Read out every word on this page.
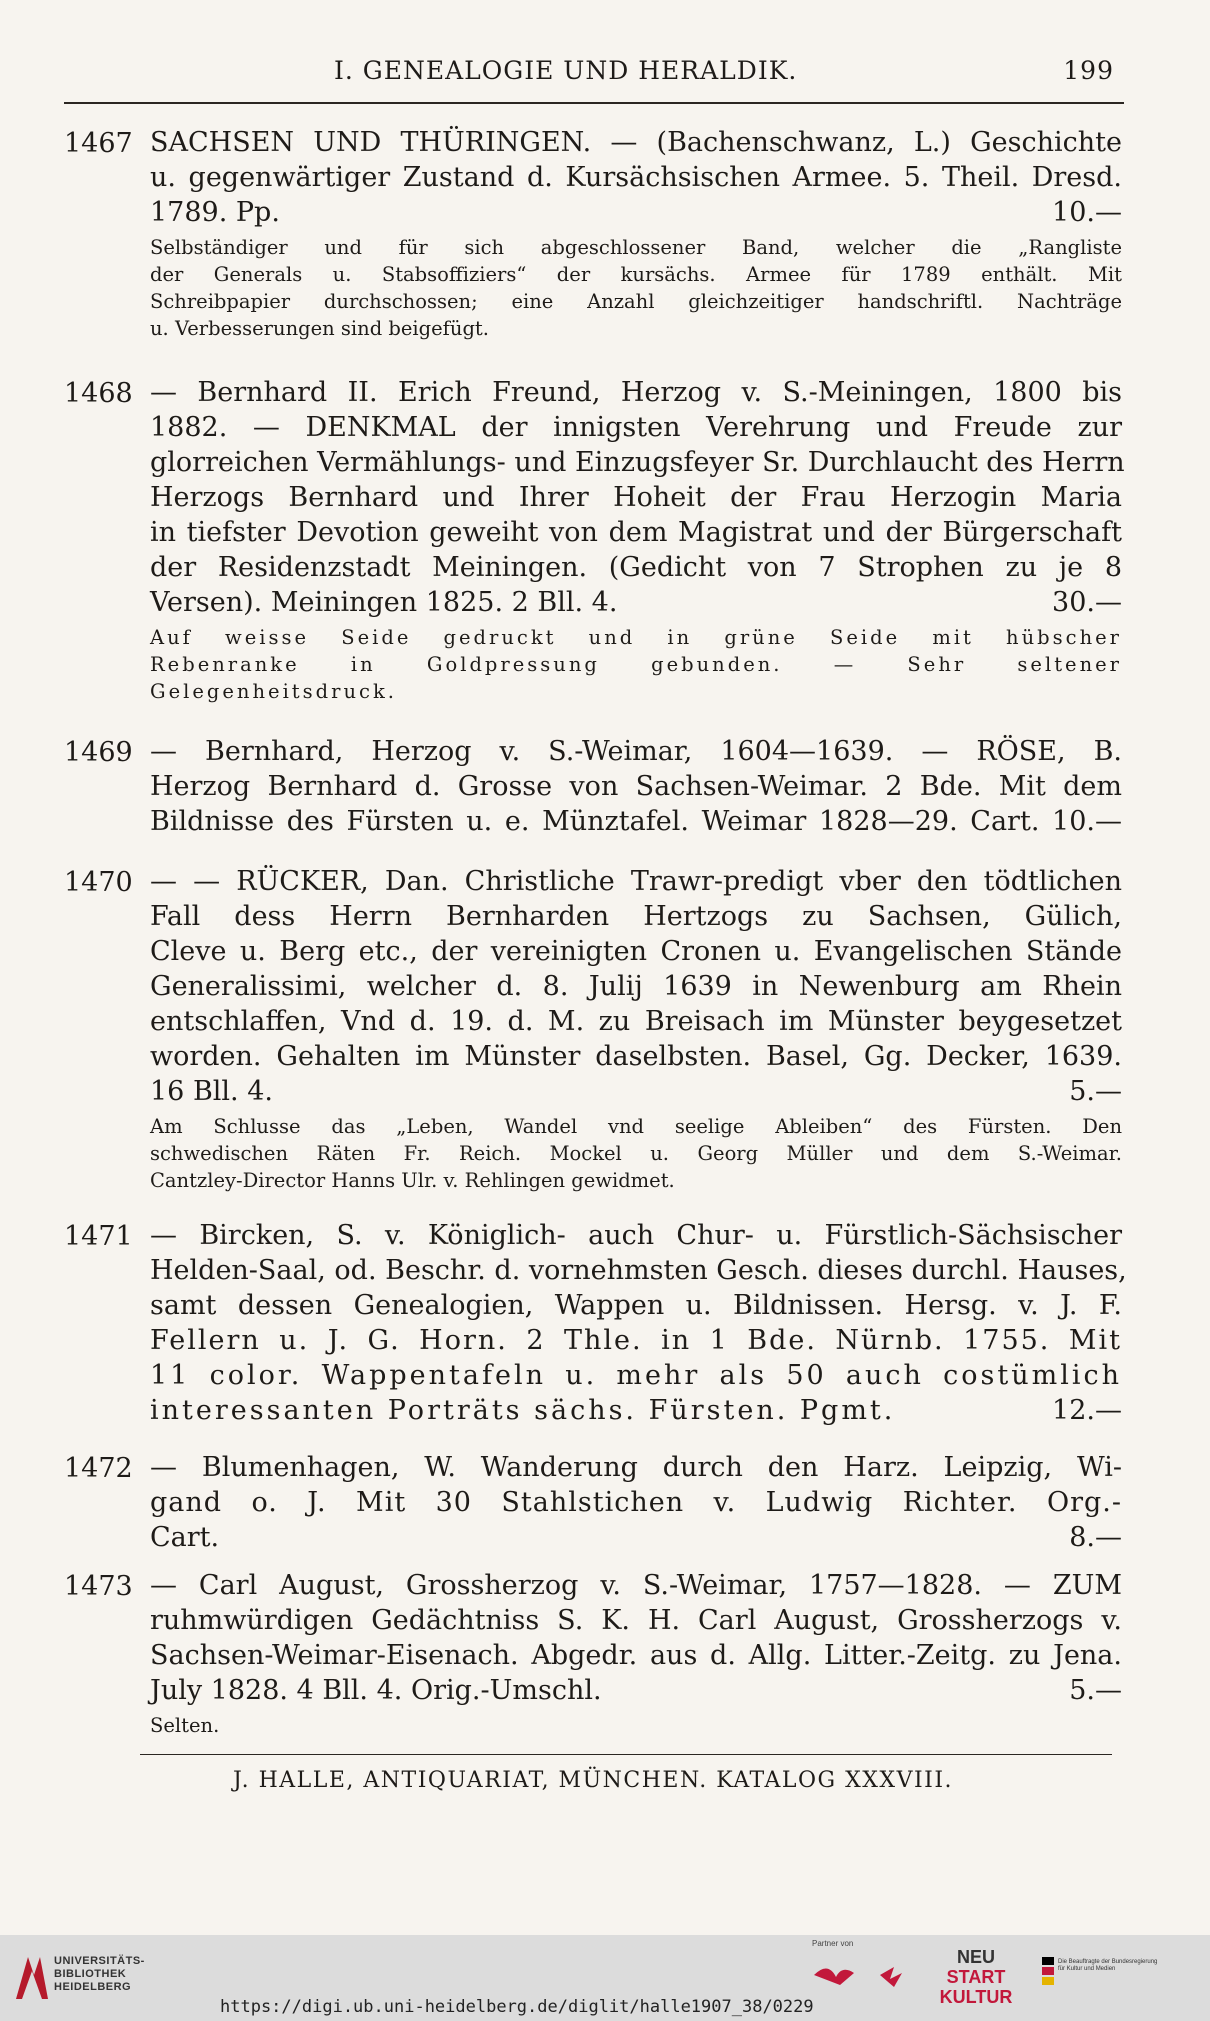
I. GENEALOGIE UND HERALDIK.	199
1467 SACHSEN UND THÜRINGEN. — (Bachenschwanz, L.) Geschichte
u. gegenwärtiger Zustand d. Kursächsischen Armee. 5. Theil. Dresd.
1789. Pp.	10.—
Selbständiger und für sich abgeschlossener Band, welcher die „Rangliste
der Generals u. Stabsoffiziers“ der kursächs. Armee für 1789 enthält. Mit
Schreibpapier durchschossen; eine Anzahl gleichzeitiger handschriftl. Nachträge
u. Verbesserungen sind beigefügt.
1468 — Bernhard II. Erich Freund, Herzog v. S.-Meiningen, 1800 bis
1882. — DENKMAL der innigsten Verehrung und Freude zur
glorreichen Vermählungs- und Einzugsfeyer Sr. Durchlaucht des Herrn
Herzogs Bernhard und Ihrer Hoheit der Frau Herzogin Maria
in tiefster Devotion geweiht von dem Magistrat und der Bürgerschaft
der Residenzstadt Meiningen. (Gedicht von 7 Strophen zu je 8
Versen). Meiningen 1825. 2 Bll. 4.	30.—
Auf weisse Seide gedruckt und in grüne Seide mit hübscher
Rebenranke in Goldpressung gebunden. — Sehr seltener
Gelegenheitsdruck.
1469 — Bernhard, Herzog v. S.-Weimar, 1604—1639. — RÖSE, B.
Herzog Bernhard d. Grosse von Sachsen-Weimar. 2 Bde. Mit dem
Bildnisse des Fürsten u. e. Münztafel. Weimar 1828—29. Cart. 10.—
1470 — — RÜCKER, Dan. Christliche Trawr-predigt vber den tödtlichen
Fall dess Herrn Bernharden Hertzogs zu Sachsen, Gülich,
Cleve u. Berg etc., der vereinigten Cronen u. Evangelischen Stände
Generalissimi, welcher d. 8. Julij 1639 in Newenburg am Rhein
entschlaffen, Vnd d. 19. d. M. zu Breisach im Münster beygesetzet
worden. Gehalten im Münster daselbsten. Basel, Gg. Decker, 1639.
16 Bll. 4.	5.—
Am Schlusse das „Leben, Wandel vnd seelige Ableiben“ des Fürsten. Den
schwedischen Räten Fr. Reich. Mockel u. Georg Müller und dem S.-Weimar.
Cantzley-Director Hanns Ulr. v. Rehlingen gewidmet.
1471 — Bircken, S. v. Königlich- auch Chur- u. Fürstlich-Sächsischer
Helden-Saal, od. Beschr. d. vornehmsten Gesch. dieses durchl. Hauses,
samt dessen Genealogien, Wappen u. Bildnissen. Hersg. v. J. F.
Fellern u. J. G. Horn. 2 Thle. in 1 Bde. Nürnb. 1755. Mit
11 color. Wappentafeln u. mehr als 50 auch costümlich
interessanten Porträts sächs. Fürsten. Pgmt.	12.—
1472 — Blumenhagen, W. Wanderung durch den Harz. Leipzig, Wi-
gand o. J. Mit 30 Stahlstichen v. Ludwig Richter. Org.-
Cart.	8.—
1473 — Carl August, Grossherzog v. S.-Weimar, 1757—1828. — ZUM
ruhmwürdigen Gedächtniss S. K. H. Carl August, Grossherzogs v.
Sachsen-Weimar-Eisenach. Abgedr. aus d. Allg. Litter.-Zeitg. zu Jena.
July 1828. 4 Bll. 4. Orig.-Umschl.	5.—
Selten.
J. HALLE, ANTIQUARIAT, MÜNCHEN. KATALOG XXXVIII.
UNIVERSITÄTS-
BIBLIOTHEK
HEIDELBERG
https://digi.ub.uni-heidelberg.de/diglit/halle1907_38/0229
Partner von
NEU
START
KULTUR
Die Beauftragte der Bundesregierung
für Kultur und Medien
